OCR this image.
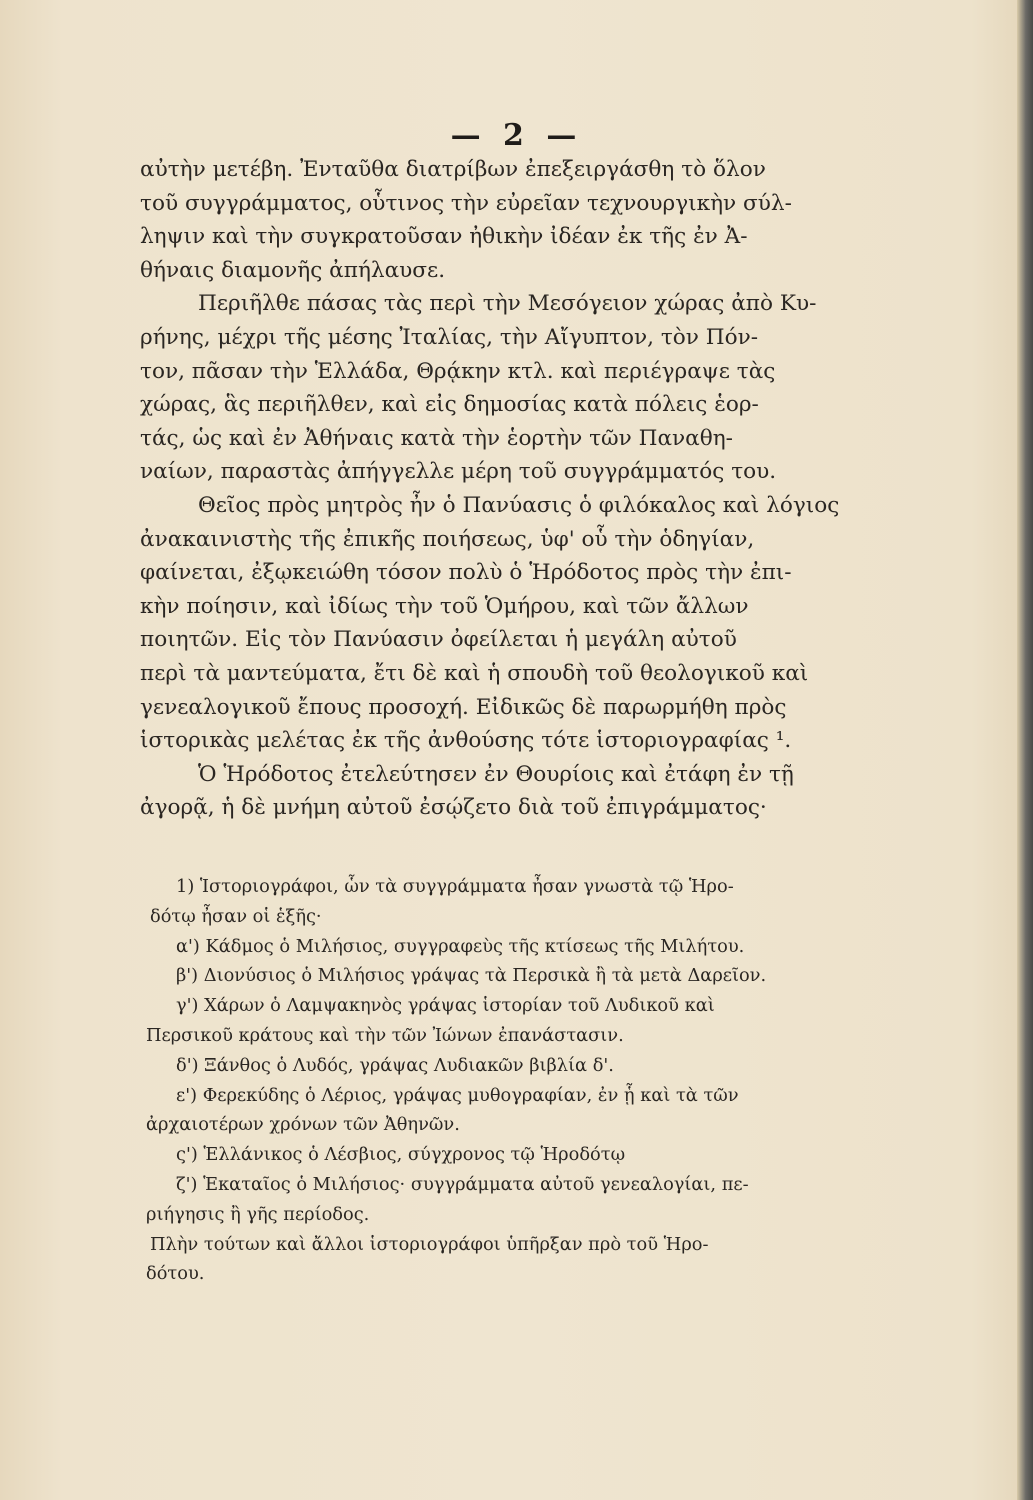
— 2 —
αὐτὴν μετέβη. Ἐνταῦθα διατρίβων ἐπεξειργάσθη τὸ ὅλον
τοῦ συγγράμματος, οὗτινος τὴν εὐρεῖαν τεχνουργικὴν σύλ-
ληψιν καὶ τὴν συγκρατοῦσαν ἠθικὴν ἰδέαν ἐκ τῆς ἐν Ἀ-
θήναις διαμονῆς ἀπήλαυσε.
Περιῆλθε πάσας τὰς περὶ τὴν Μεσόγειον χώρας ἀπὸ Κυ-
ρήνης, μέχρι τῆς μέσης Ἰταλίας, τὴν Αἴγυπτον, τὸν Πόν-
τον, πᾶσαν τὴν Ἑλλάδα, Θρᾴκην κτλ. καὶ περιέγραψε τὰς
χώρας, ἃς περιῆλθεν, καὶ εἰς δημοσίας κατὰ πόλεις ἑορ-
τάς, ὡς καὶ ἐν Ἀθήναις κατὰ τὴν ἑορτὴν τῶν Παναθη-
ναίων, παραστὰς ἀπήγγελλε μέρη τοῦ συγγράμματός του.
Θεῖος πρὸς μητρὸς ἦν ὁ Πανύασις ὁ φιλόκαλος καὶ λόγιος
ἀνακαινιστὴς τῆς ἐπικῆς ποιήσεως, ὑφ' οὗ τὴν ὁδηγίαν,
φαίνεται, ἐξῳκειώθη τόσον πολὺ ὁ Ἡρόδοτος πρὸς τὴν ἐπι-
κὴν ποίησιν, καὶ ἰδίως τὴν τοῦ Ὁμήρου, καὶ τῶν ἄλλων
ποιητῶν. Εἰς τὸν Πανύασιν ὀφείλεται ἡ μεγάλη αὐτοῦ
περὶ τὰ μαντεύματα, ἔτι δὲ καὶ ἡ σπουδὴ τοῦ θεολογικοῦ καὶ
γενεαλογικοῦ ἔπους προσοχή. Εἰδικῶς δὲ παρωρμήθη πρὸς
ἱστορικὰς μελέτας ἐκ τῆς ἀνθούσης τότε ἱστοριογραφίας ¹.
Ὁ Ἡρόδοτος ἐτελεύτησεν ἐν Θουρίοις καὶ ἐτάφη ἐν τῇ
ἀγορᾷ, ἡ δὲ μνήμη αὐτοῦ ἐσῴζετο διὰ τοῦ ἐπιγράμματος·
1) Ἱστοριογράφοι, ὧν τὰ συγγράμματα ἦσαν γνωστὰ τῷ Ἡρο-
δότῳ ἦσαν οἱ ἑξῆς·
α') Κάδμος ὁ Μιλήσιος, συγγραφεὺς τῆς κτίσεως τῆς Μιλήτου.
β') Διονύσιος ὁ Μιλήσιος γράψας τὰ Περσικὰ ἢ τὰ μετὰ Δαρεῖον.
γ') Χάρων ὁ Λαμψακηνὸς γράψας ἱστορίαν τοῦ Λυδικοῦ καὶ
Περσικοῦ κράτους καὶ τὴν τῶν Ἰώνων ἐπανάστασιν.
δ') Ξάνθος ὁ Λυδός, γράψας Λυδιακῶν βιβλία δ'.
ε') Φερεκύδης ὁ Λέριος, γράψας μυθογραφίαν, ἐν ᾗ καὶ τὰ τῶν
ἀρχαιοτέρων χρόνων τῶν Ἀθηνῶν.
ς') Ἑλλάνικος ὁ Λέσβιος, σύγχρονος τῷ Ἡροδότῳ
ζ') Ἑκαταῖος ὁ Μιλήσιος· συγγράμματα αὐτοῦ γενεαλογίαι, πε-
ριήγησις ἢ γῆς περίοδος.
Πλὴν τούτων καὶ ἄλλοι ἱστοριογράφοι ὑπῆρξαν πρὸ τοῦ Ἡρο-
δότου.
